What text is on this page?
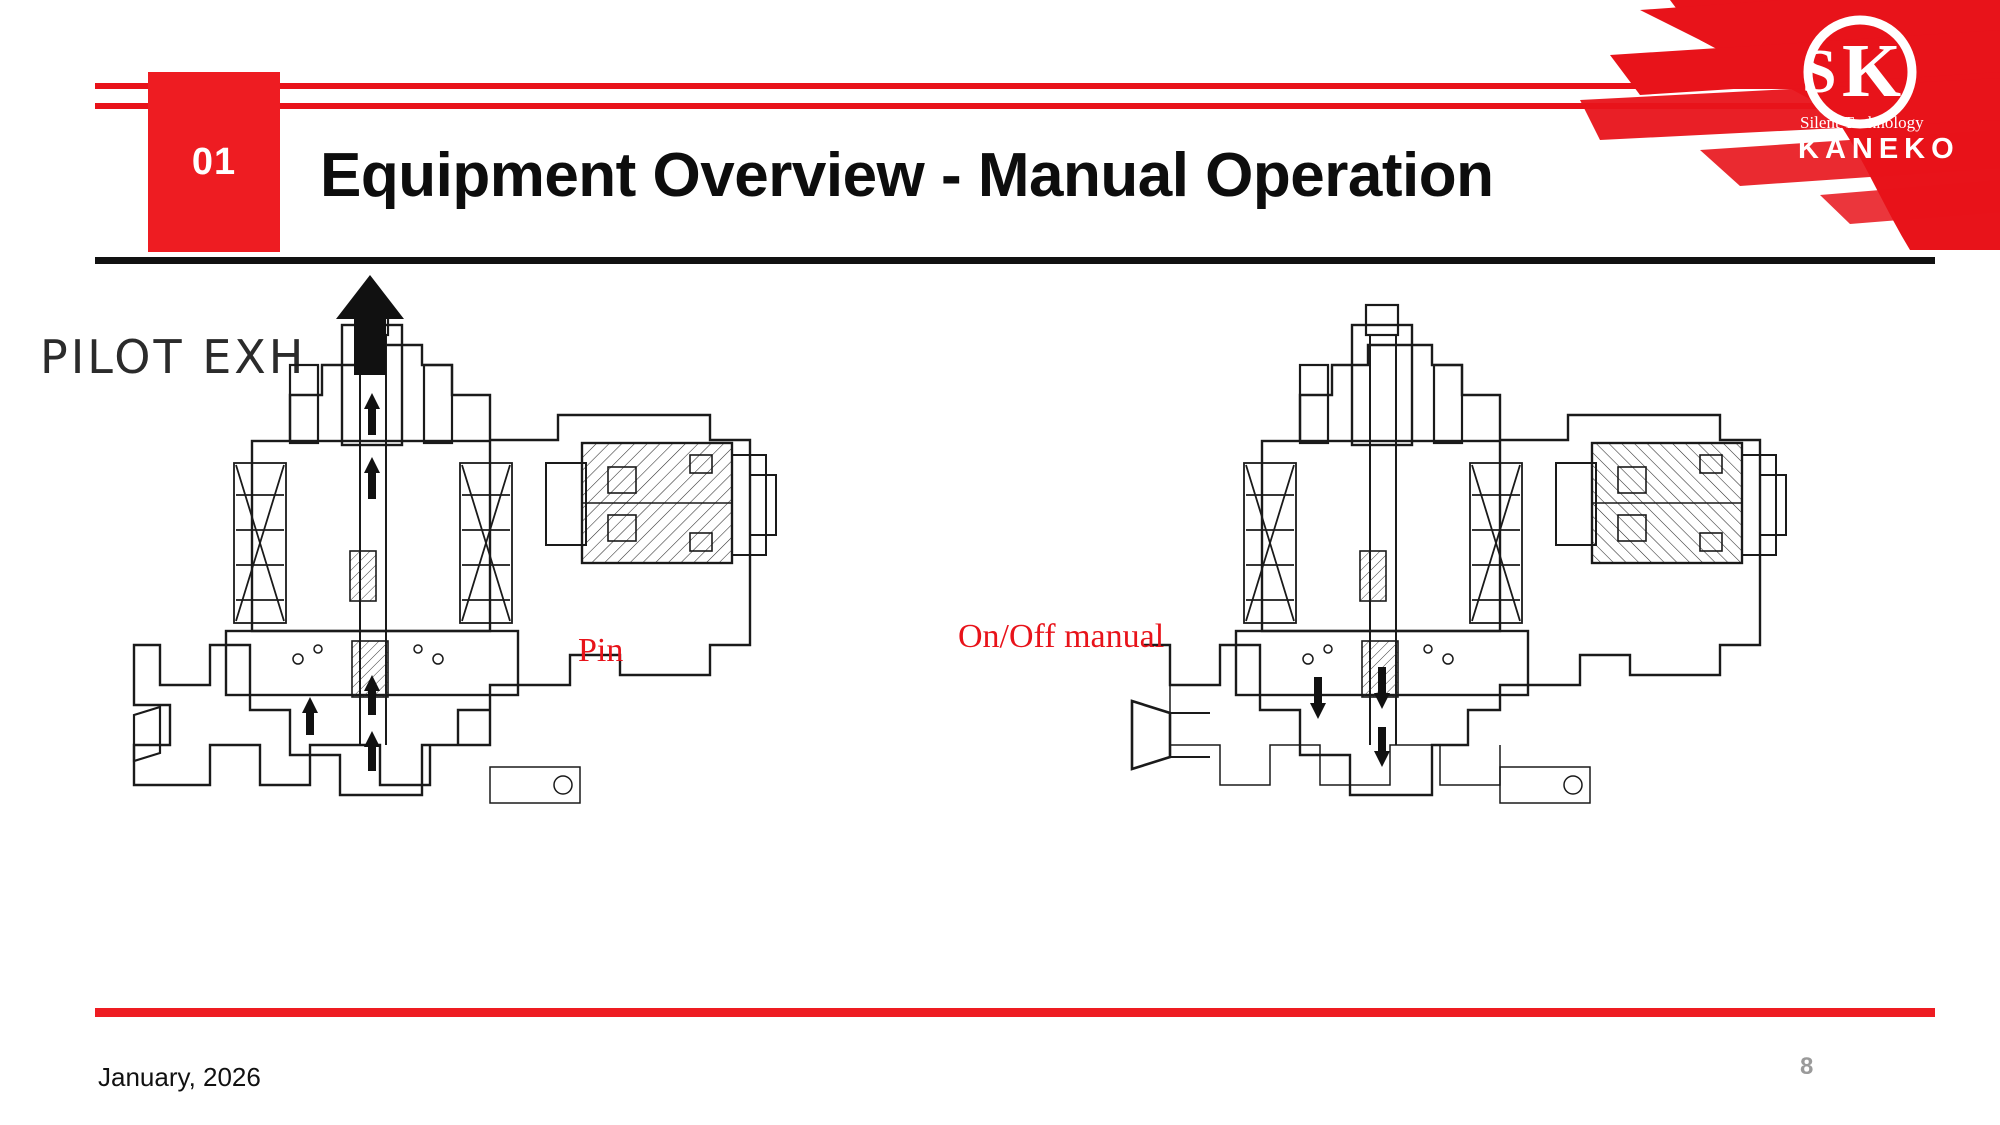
01	Equipment Overview - Manual Operation
S K
Silent Technology
KANEKO
PILOT EXH
Pin	On/Off manual
January, 2026	8
